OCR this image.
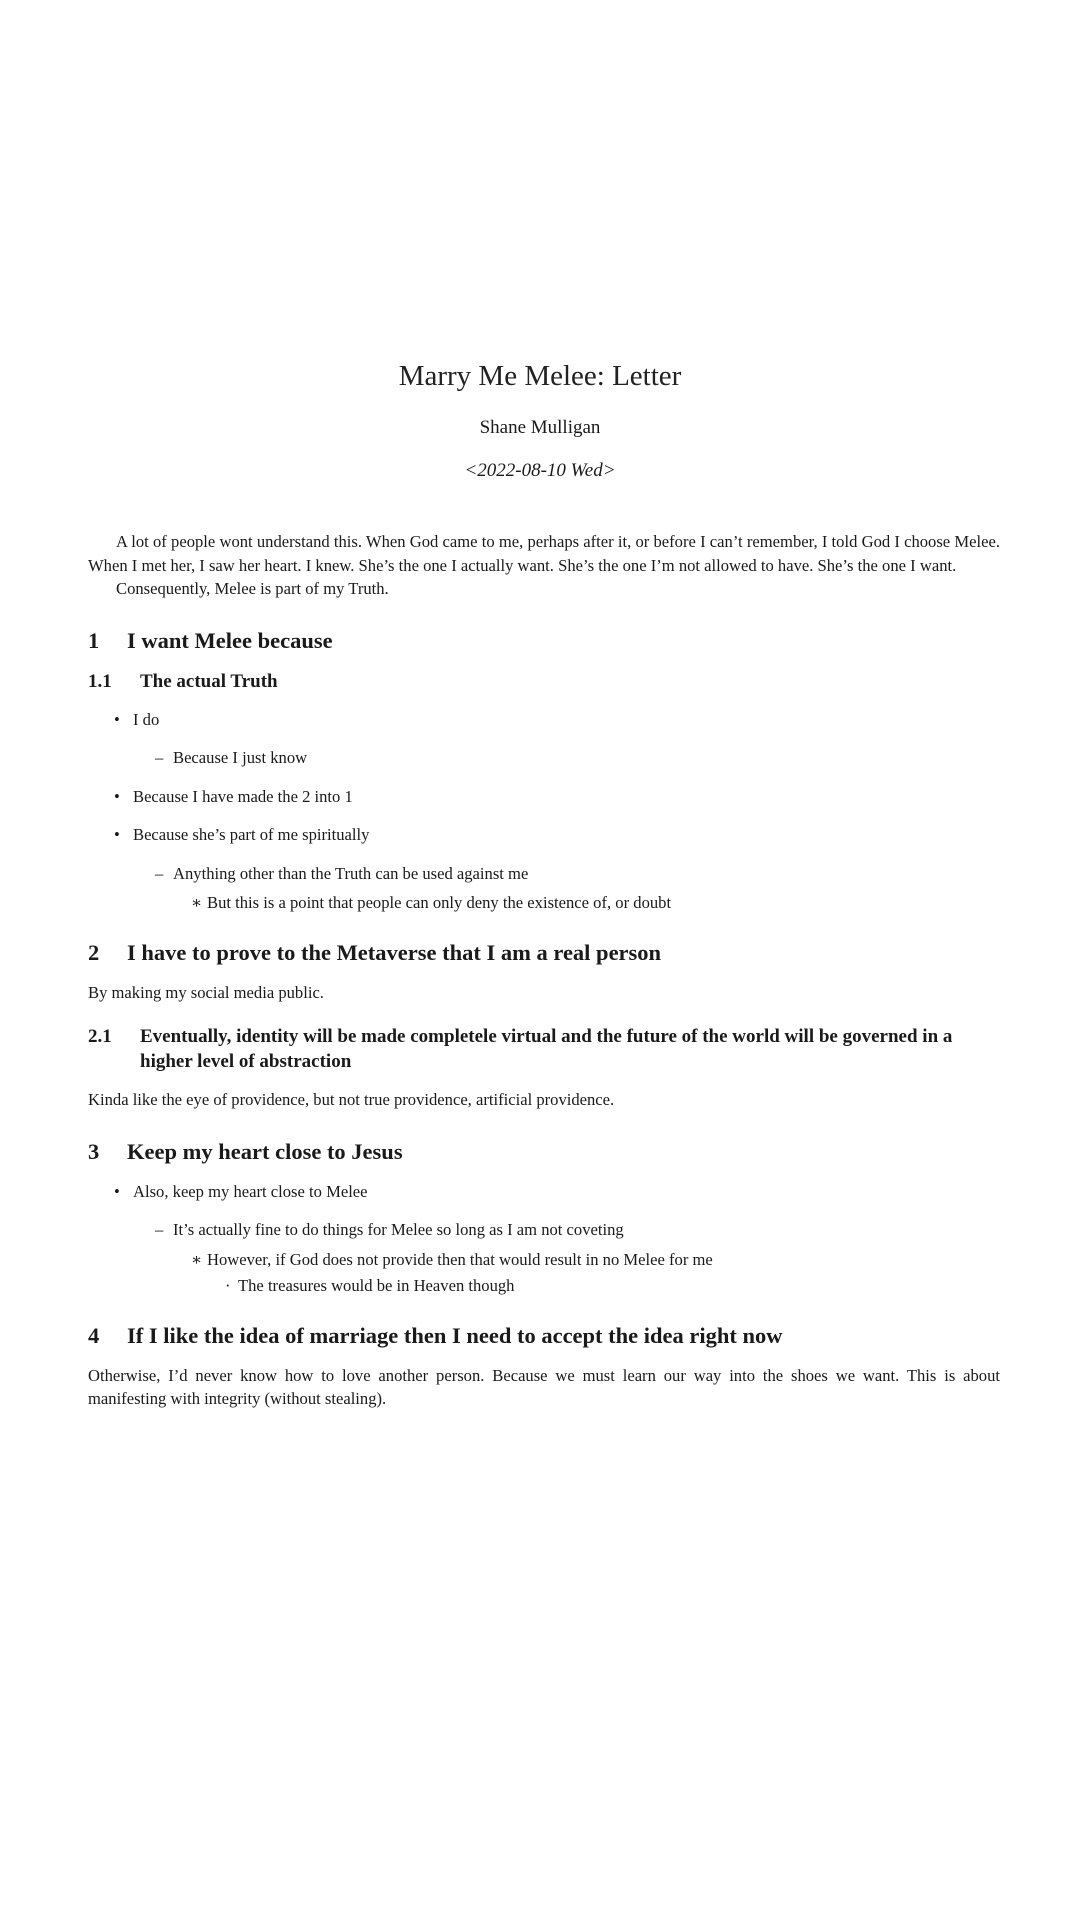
Marry Me Melee: Letter
Shane Mulligan
<2022-08-10 Wed>

A lot of people wont understand this. When God came to me, perhaps after it, or before I can’t remember, I told God I choose Melee. When I met her, I saw her heart. I knew. She’s the one I actually want. She’s the one I’m not allowed to have. She’s the one I want.

Consequently, Melee is part of my Truth.

1	I want Melee because
1.1	The actual Truth
• I do
– Because I just know
• Because I have made the 2 into 1
• Because she’s part of me spiritually
– Anything other than the Truth can be used against me
∗ But this is a point that people can only deny the existence of, or doubt
2	I have to prove to the Metaverse that I am a real person

By making my social media public.

2.1	Eventually, identity will be made completele virtual and the future of the world will be governed in a higher level of abstraction

Kinda like the eye of providence, but not true providence, artificial providence.

3	Keep my heart close to Jesus
• Also, keep my heart close to Melee
– It’s actually fine to do things for Melee so long as I am not coveting
∗ However, if God does not provide then that would result in no Melee for me
· The treasures would be in Heaven though
4	If I like the idea of marriage then I need to accept the idea right now

Otherwise, I’d never know how to love another person. Because we must learn our way into the shoes we want. This is about manifesting with integrity (without stealing).
